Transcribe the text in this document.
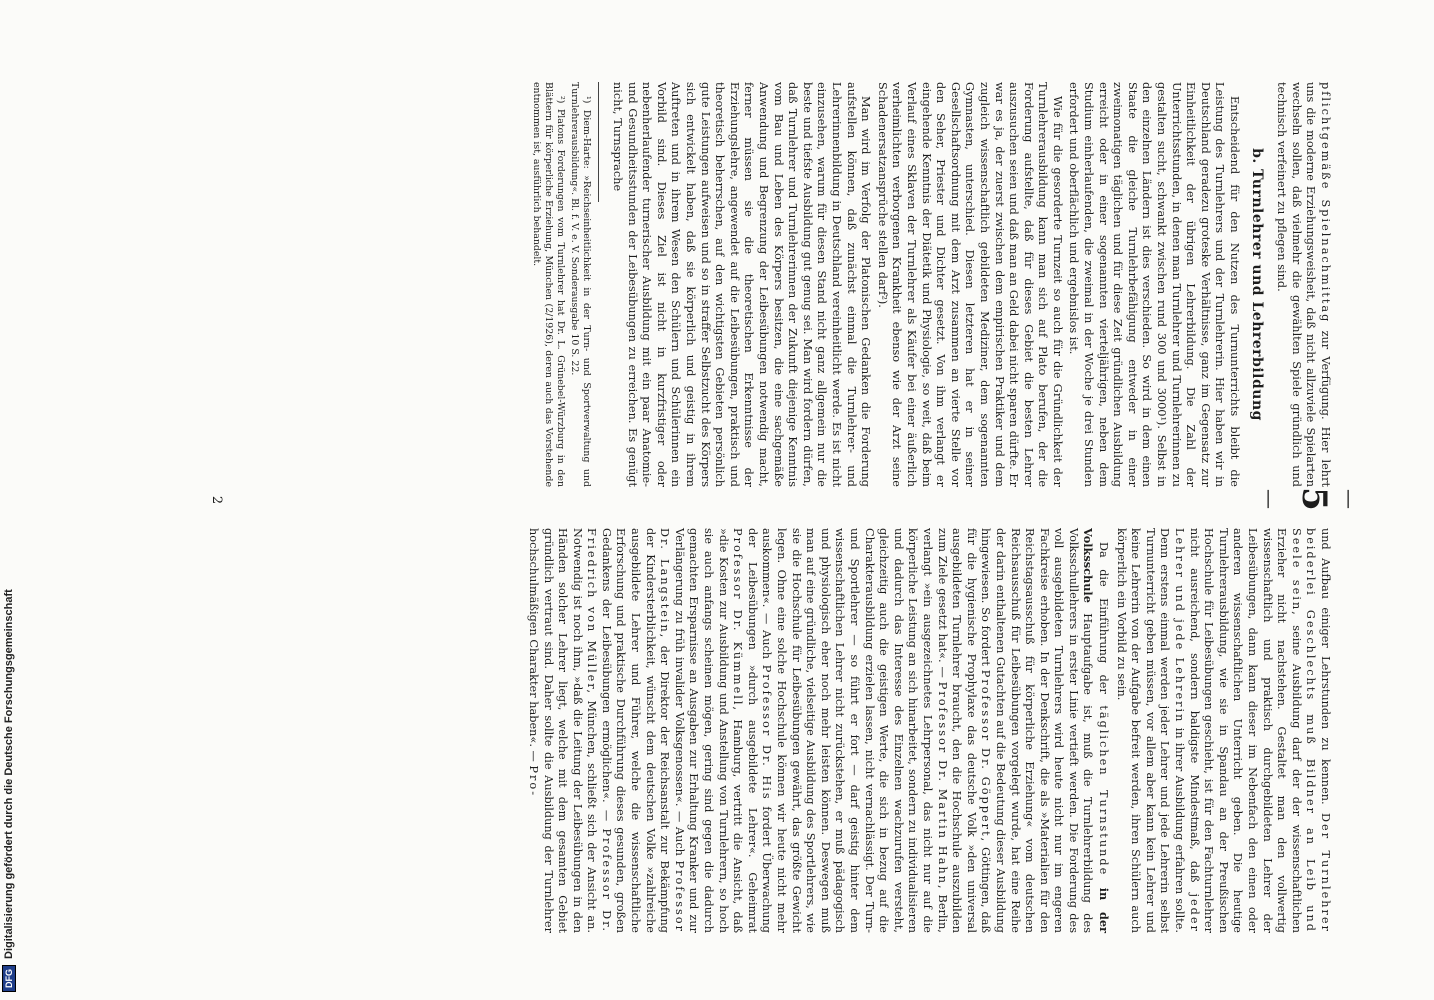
— 5 —

pflichtgemäße Spielnachmittag zur Verfügung. Hier lehrt uns die moderne Erziehungsweisheit, daß nicht allzuviele Spielarten wechseln sollen, daß vielmehr die gewählten Spiele gründlich und technisch verfeinert zu pflegen sind.

b. Turnlehrer und Lehrerbildung

Entscheidend für den Nutzen des Turnunterrichts bleibt die Leistung des Turnlehrers und der Turnlehrerin. Hier haben wir in Deutschland geradezu groteske Verhältnisse, ganz im Gegensatz zur Einheitlichkeit der übrigen Lehrerbildung. Die Zahl der Unterrichtsstunden, in denen man Turnlehrer und Turnlehrerinnen zu gestalten sucht, schwankt zwischen rund 300 und 3000¹). Selbst in den einzelnen Ländern ist dies verschieden. So wird in dem einen Staate die gleiche Turnlehrbefähigung entweder in einer zweimonatigen täglichen und für diese Zeit gründlichen Ausbildung erreicht oder in einer sogenannten vierteljährigen, neben dem Studium einherlaufenden, die zweimal in der Woche je drei Stunden erfordert und oberflächlich und ergebnislos ist.

Wie für die gesorderte Turnzeit so auch für die Gründlichkeit der Turnlehrerausbildung kann man sich auf Plato berufen, der die Forderung aufstellte, daß für dieses Gebiet die besten Lehrer auszusuchen seien und daß man an Geld dabei nicht sparen dürfte. Er war es ja, der zuerst zwischen dem empirischen Praktiker und dem zugleich wissenschaftlich gebildeten Mediziner, dem sogenannten Gymnasten, unterschied. Diesen letzteren hat er in seiner Gesellschaftsordnung mit dem Arzt zusammen an vierte Stelle vor den Seher, Priester und Dichter gesetzt. Von ihm verlangt er eingehende Kenntnis der Diätetik und Physiologie, so weit, daß beim Verlauf eines Sklaven der Turnlehrer als Käufer bei einer äußerlich verheimlichten verborgenen Krankheit ebenso wie der Arzt seine Schadenersatzansprüche stellen darf²).

Man wird im Verfolg der Platonischen Gedanken die Forderung aufstellen können, daß zunächst einmal die Turnlehrer- und Lehrerinnenbildung in Deutschland vereinheitlicht werde. Es ist nicht einzusehen, warum für diesen Stand nicht ganz allgemein nur die beste und tiefste Ausbildung gut genug sei. Man wird fordern dürfen, daß Turnlehrer und Turnlehrerinnen der Zukunft diejenige Kenntnis vom Bau und Leben des Körpers besitzen, die eine sachgemäße Anwendung und Begrenzung der Leibesübungen notwendig macht, ferner müssen sie die theoretischen Erkenntnisse der Erziehungslehre, angewendet auf die Leibesübungen, praktisch und theoretisch beherrschen, auf den wichtigsten Gebieten persönlich gute Leistungen aufweisen und so in straffer Selbstzucht des Körpers sich entwickelt haben, daß sie körperlich und geistig in ihrem Auftreten und in ihrem Wesen den Schülern und Schülerinnen ein Vorbild sind. Dieses Ziel ist nicht in kurzfristiger oder nebenherlaufender turnerischer Ausbildung mit ein paar Anatomie- und Gesundheitsstunden der Leibesübungen zu erreichen. Es genügt nicht, Turnsprache

¹) Diem-Harte: »Reichseinheitlichkeit in der Turn- und Sportverwaltung und Turnlehrerausbildung«. Bl. f. V. e. V. Sonderausgabe 10 S. 22.

²) Platons Forderungen vom Turnlehrer hat Dr. L. Grünebel-Würzburg in den Blättern für körperliche Erziehung, München (2/1926), deren auch das Vorstehende entnommen ist, ausführlich behandelt.

und Aufbau einiger Lehrstunden zu kennen. Der Turnlehrer beiderlei Geschlechts muß Bildner an Leib und Seele sein, seine Ausbildung darf der der wissenschaftlichen Erzieher nicht nachstehen. Gestaltet man den vollwertig wissenschaftlich und praktisch durchgebildeten Lehrer der Leibesübungen, dann kann dieser im Nebenfach den einen oder anderen wissenschaftlichen Unterricht geben. Die heutige Turnlehrerausbildung, wie sie in Spandau an der Preußischen Hochschule für Leibesübungen geschieht, ist für den Fachturnlehrer nicht ausreichend, sondern baldigste Mindestmaß, daß jeder Lehrer und jede Lehrerin in ihrer Ausbildung erfahren sollte. Denn erstens einmal werden jeder Lehrer und jede Lehrerin selbst Turnunterricht geben müssen, vor allem aber kann kein Lehrer und keine Lehrerin von der Aufgabe befreit werden, ihren Schülern auch körperlich ein Vorbild zu sein.

Da die Einführung der täglichen Turnstunde in der Volksschule Hauptaufgabe ist, muß die Turnlehrerbildung des Volksschullehrers in erster Linie vertieft werden. Die Forderung des voll ausgebildeten Turnlehrers wird heute nicht nur im engeren Fachkreise erhoben. In der Denkschrift, die als »Materialien für den Reichstagsausschuß für körperliche Erziehung« vom deutschen Reichsausschuß für Leibesübungen vorgelegt wurde, hat eine Reihe der darin enthaltenen Gutachten auf die Bedeutung dieser Ausbildung hingewiesen. So fordert Professor Dr. Göppert, Göttingen, daß für die hygienische Prophylaxe das deutsche Volk »den universal ausgebildeten Turnlehrer braucht, den die Hochschule auszubilden zum Ziele gesetzt hat«. — Professor Dr. Martin Hahn, Berlin, verlangt »ein ausgezeichnetes Lehrpersonal, das nicht nur auf die körperliche Leistung an sich hinarbeitet, sondern zu individualisieren und dadurch das Interesse des Einzelnen wachzurufen versteht, gleichzeitig auch die geistigen Werte, die sich in bezug auf die Charakterausbildung erzielen lassen, nicht vernachlässigt. Der Turn- und Sportlehrer — so führt er fort — darf geistig hinter dem wissenschaftlichen Lehrer nicht zurückstehen, er muß pädagogisch und physiologisch eher noch mehr leisten können. Deswegen muß man auf eine gründliche, vielseitige Ausbildung des Sportlehrers, wie sie die Hochschule für Leibesübungen gewährt, das größte Gewicht legen. Ohne eine solche Hochschule können wir heute nicht mehr auskommen«. — Auch Professor Dr. His fordert Überwachung der Leibesübungen »durch ausgebildete Lehrer«. Geheimrat Professor Dr. Kümmell, Hamburg, vertritt die Ansicht, daß »die Kosten zur Ausbildung und Anstellung von Turnlehrern, so hoch sie auch anfangs scheinen mögen, gering sind gegen die dadurch gemachten Ersparnisse an Ausgaben zur Erhaltung Kranker und zur Verlängerung zu früh invalider Volksgenossen«. — Auch Professor Dr. Langstein, der Direktor der Reichsanstalt zur Bekämpfung der Kindersterblichkeit, wünscht dem deutschen Volke »zahlreiche ausgebildete Lehrer und Führer, welche die wissenschaftliche Erforschung und praktische Durchführung dieses gesunden, großen Gedankens der Leibesübungen ermöglichen«. — Professor Dr. Friedrich von Müller, München, schließt sich der Ansicht an. Notwendig ist noch ihm, »daß die Leitung der Leibesübungen in den Händen solcher Lehrer liegt, welche mit dem gesamten Gebiet gründlich vertraut sind. Daher sollte die Ausbildung der Turnlehrer hochschulmäßigen Charakter haben«. — Pro-

2
DFG
Digitalisierung gefördert durch die Deutsche Forschungsgemeinschaft
